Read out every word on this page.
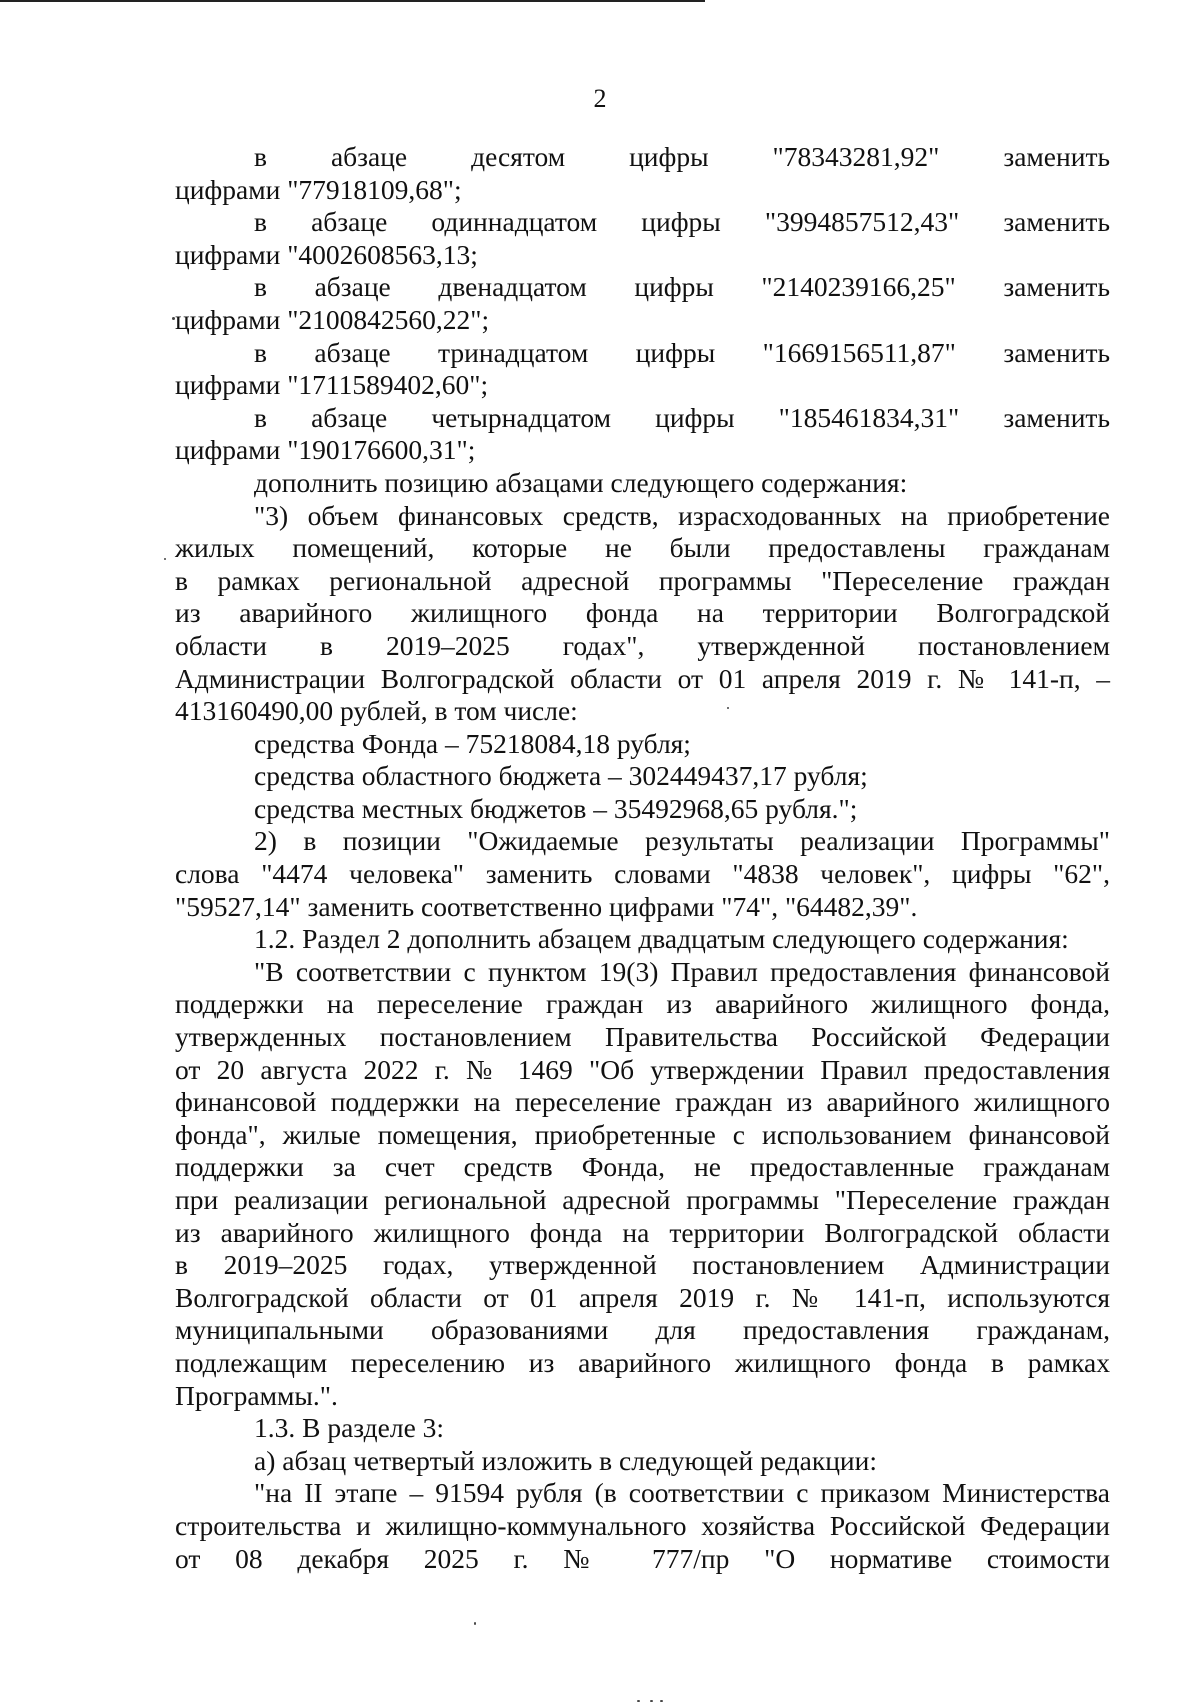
2
в абзаце десятом цифры "78343281,92" заменить
цифрами "77918109,68";
в абзаце одиннадцатом цифры "3994857512,43" заменить
цифрами "4002608563,13;
в абзаце двенадцатом цифры "2140239166,25" заменить
цифрами "2100842560,22";
в абзаце тринадцатом цифры "1669156511,87" заменить
цифрами "1711589402,60";
в абзаце четырнадцатом цифры "185461834,31" заменить
цифрами "190176600,31";
дополнить позицию абзацами следующего содержания:
"3) объем финансовых средств, израсходованных на приобретение
жилых помещений, которые не были предоставлены гражданам
в рамках региональной адресной программы "Переселение граждан
из аварийного жилищного фонда на территории Волгоградской
области в 2019–2025 годах", утвержденной постановлением
Администрации Волгоградской области от 01 апреля 2019 г. № 141-п, –
413160490,00 рублей, в том числе:
средства Фонда – 75218084,18 рубля;
средства областного бюджета – 302449437,17 рубля;
средства местных бюджетов – 35492968,65 рубля.";
2) в позиции "Ожидаемые результаты реализации Программы"
слова "4474 человека" заменить словами "4838 человек", цифры "62",
"59527,14" заменить соответственно цифрами "74", "64482,39".
1.2. Раздел 2 дополнить абзацем двадцатым следующего содержания:
"В соответствии с пунктом 19(3) Правил предоставления финансовой
поддержки на переселение граждан из аварийного жилищного фонда,
утвержденных постановлением Правительства Российской Федерации
от 20 августа 2022 г. № 1469 "Об утверждении Правил предоставления
финансовой поддержки на переселение граждан из аварийного жилищного
фонда", жилые помещения, приобретенные с использованием финансовой
поддержки за счет средств Фонда, не предоставленные гражданам
при реализации региональной адресной программы "Переселение граждан
из аварийного жилищного фонда на территории Волгоградской области
в 2019–2025 годах, утвержденной постановлением Администрации
Волгоградской области от 01 апреля 2019 г. № 141-п, используются
муниципальными образованиями для предоставления гражданам,
подлежащим переселению из аварийного жилищного фонда в рамках
Программы.".
1.3. В разделе 3:
а) абзац четвертый изложить в следующей редакции:
"на II этапе – 91594 рубля (в соответствии с приказом Министерства
строительства и жилищно-коммунального хозяйства Российской Федерации
от 08 декабря 2025 г. № 777/пр "О нормативе стоимости
